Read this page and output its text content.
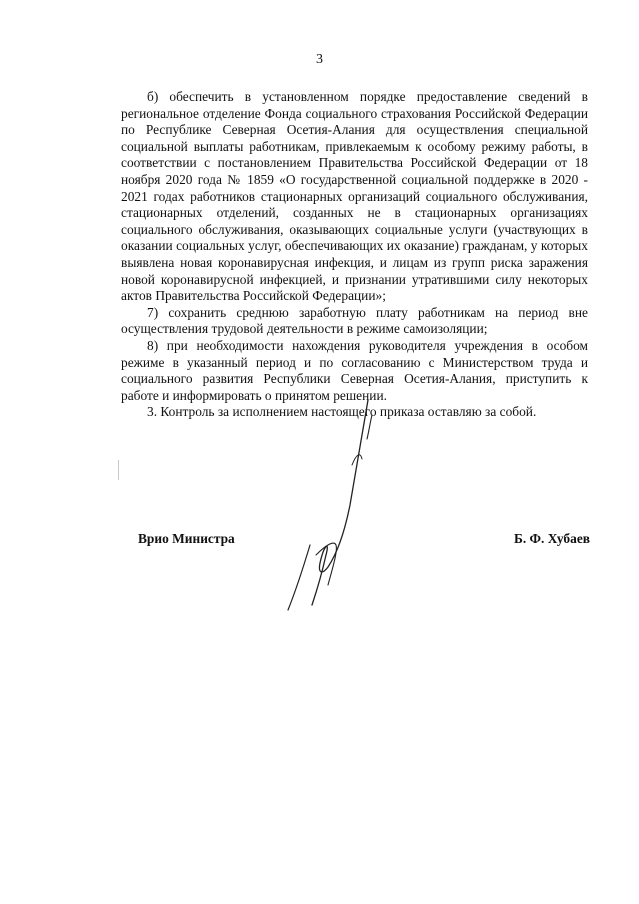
3

б) обеспечить в установленном порядке предоставление сведений в региональное отделение Фонда социального страхования Российской Федерации по Республике Северная Осетия-Алания для осуществления специальной социальной выплаты работникам, привлекаемым к особому режиму работы, в соответствии с постановлением Правительства Российской Федерации от 18 ноября 2020 года № 1859 «О государственной социальной поддержке в 2020 - 2021 годах работников стационарных организаций социального обслуживания, стационарных отделений, созданных не в стационарных организациях социального обслуживания, оказывающих социальные услуги (участвующих в оказании социальных услуг, обеспечивающих их оказание) гражданам, у которых выявлена новая коронавирусная инфекция, и лицам из групп риска заражения новой коронавирусной инфекцией, и признании утратившими силу некоторых актов Правительства Российской Федерации»;

7) сохранить среднюю заработную плату работникам на период вне осуществления трудовой деятельности в режиме самоизоляции;

8) при необходимости нахождения руководителя учреждения в особом режиме в указанный период и по согласованию с Министерством труда и социального развития Республики Северная Осетия-Алания, приступить к работе и информировать о принятом решении.

3. Контроль за исполнением настоящего приказа оставляю за собой.

Врио Министра	Б. Ф. Хубаев
